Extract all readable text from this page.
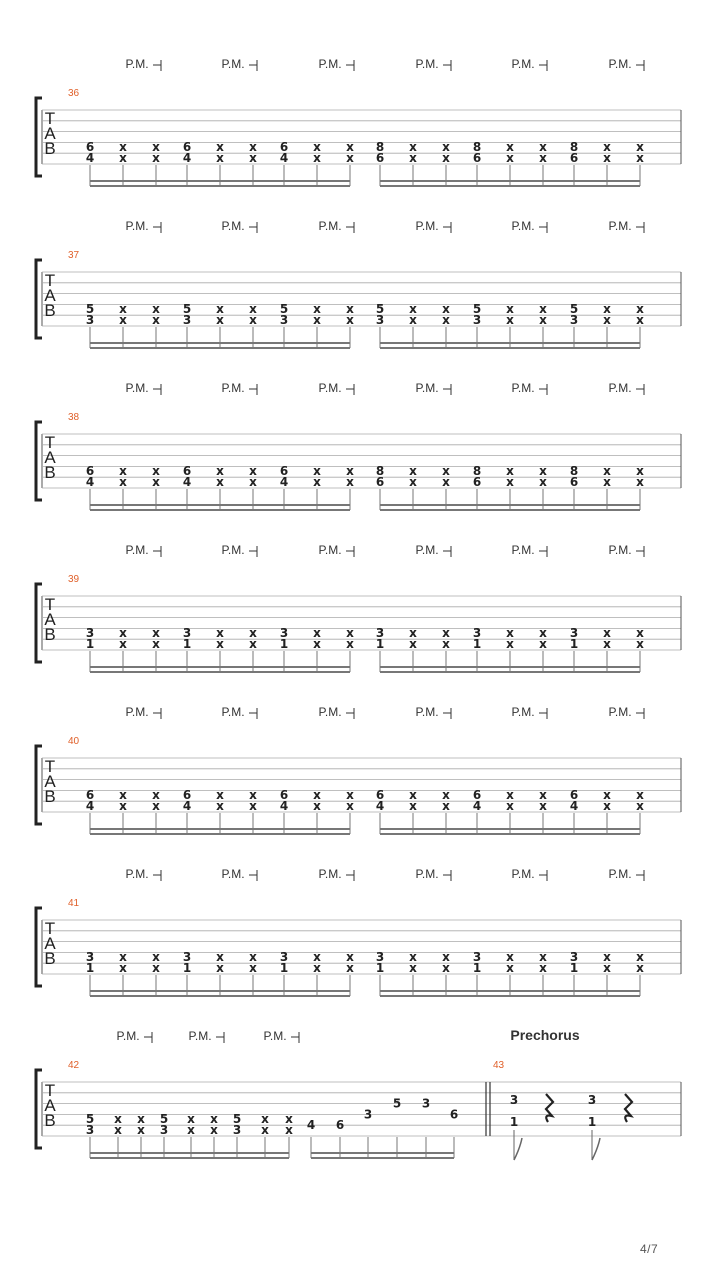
T
A
B
36
P.M.	P.M.	P.M.	P.M.	P.M.	P.M.
6
4
x
x
x
x
6
4
x
x
x
x
6
4
x
x
x
x
8
6
x
x
x
x
8
6
x
x
x
x
8
6
x
x
x
x
T
A
B
37
P.M.	P.M.	P.M.	P.M.	P.M.	P.M.
5
3
x
x
x
x
5
3
x
x
x
x
5
3
x
x
x
x
5
3
x
x
x
x
5
3
x
x
x
x
5
3
x
x
x
x
T
A
B
38
P.M.	P.M.	P.M.	P.M.	P.M.	P.M.
6
4
x
x
x
x
6
4
x
x
x
x
6
4
x
x
x
x
8
6
x
x
x
x
8
6
x
x
x
x
8
6
x
x
x
x
T
A
B
39
P.M.	P.M.	P.M.	P.M.	P.M.	P.M.
3
1
x
x
x
x
3
1
x
x
x
x
3
1
x
x
x
x
3
1
x
x
x
x
3
1
x
x
x
x
3
1
x
x
x
x
T
A
B
40
P.M.	P.M.	P.M.	P.M.	P.M.	P.M.
6
4
x
x
x
x
6
4
x
x
x
x
6
4
x
x
x
x
6
4
x
x
x
x
6
4
x
x
x
x
6
4
x
x
x
x
T
A
B
41
P.M.	P.M.	P.M.	P.M.	P.M.	P.M.
3
1
x
x
x
x
3
1
x
x
x
x
3
1
x
x
x
x
3
1
x
x
x
x
3
1
x
x
x
x
3
1
x
x
x
x
T
A
B
42	43
Prechorus
P.M.	P.M.	P.M.
5
3
x
x
x
x
5
3
x
x
x
x
5
3
x
x
x
x 4 6
3
5 3
6
3
1
3
1
4/7
